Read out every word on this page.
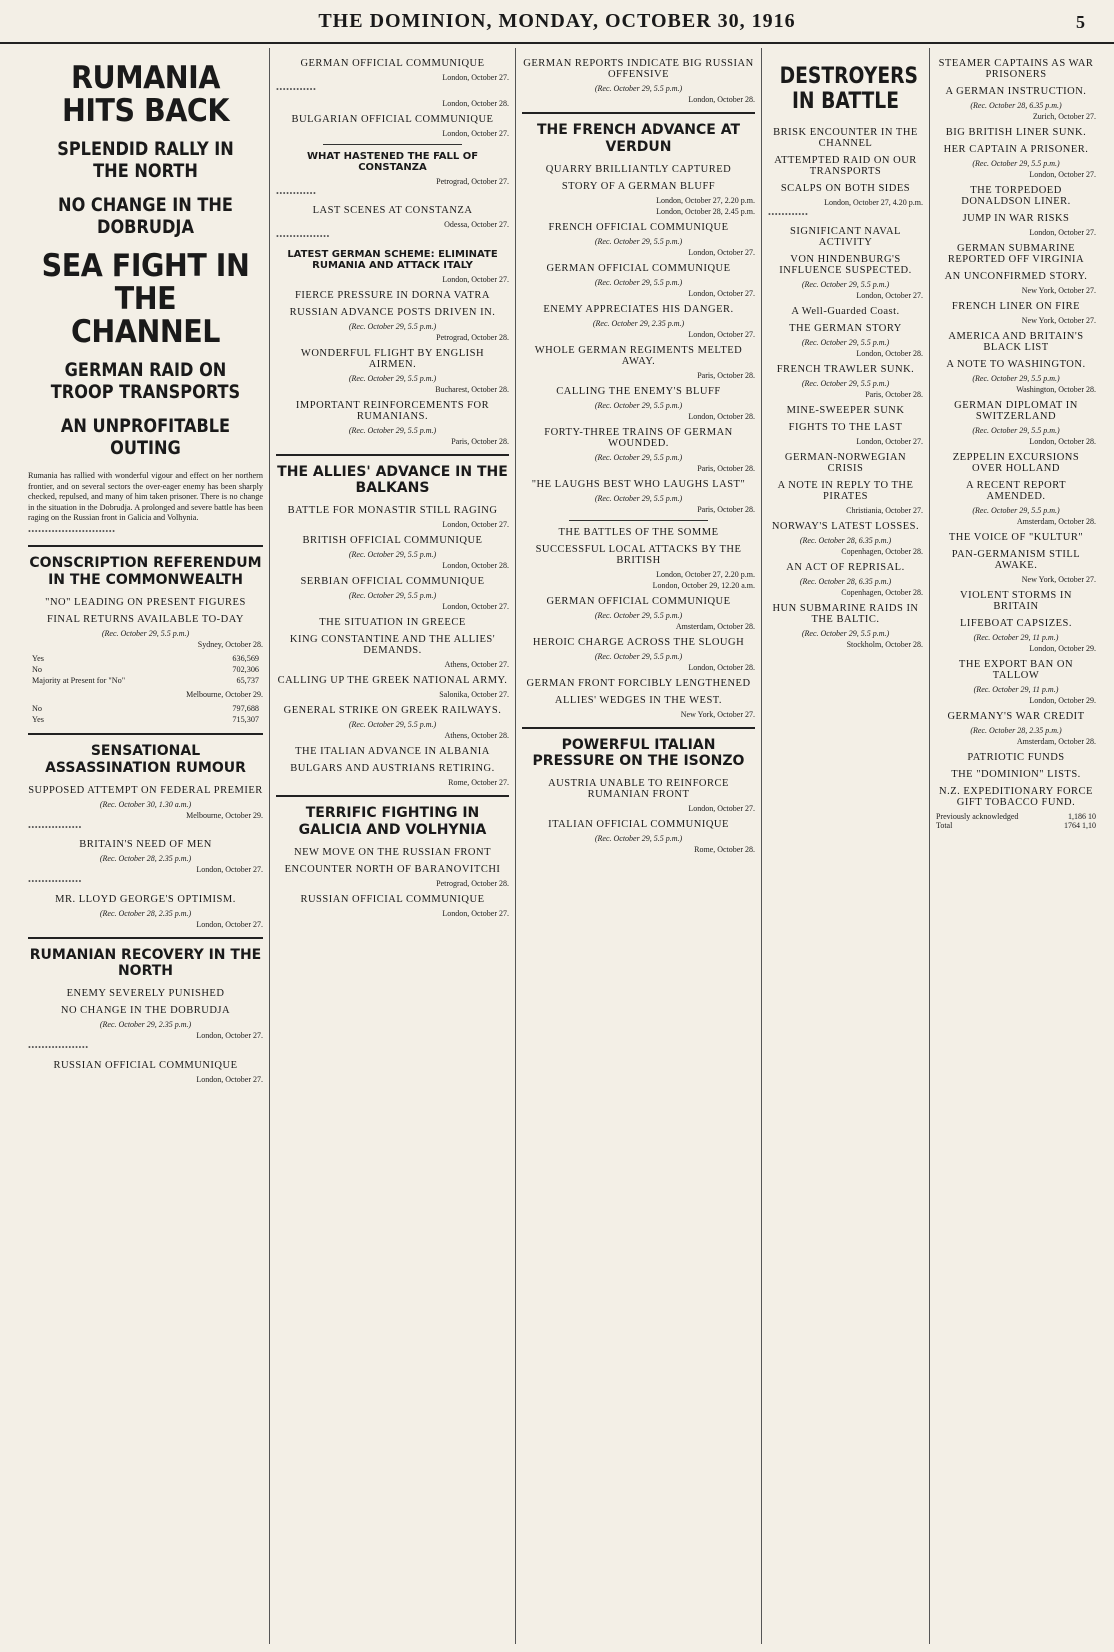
THE DOMINION, MONDAY, OCTOBER 30, 1916	5
RUMANIA HITS BACK
SPLENDID RALLY IN THE NORTH
NO CHANGE IN THE DOBRUDJA
SEA FIGHT IN THE CHANNEL
GERMAN RAID ON TROOP TRANSPORTS
AN UNPROFITABLE OUTING

Rumania has rallied with wonderful vigour and effect on her northern frontier, and on several sectors the over-eager enemy has been sharply checked, repulsed, and many of him taken prisoner. There is no change in the situation in the Dobrudja. A prolonged and severe battle has been raging on the Russian front in Galicia and Volhynia.

••••••••••••••••••••••••••
CONSCRIPTION REFERENDUM IN THE COMMONWEALTH
"NO" LEADING ON PRESENT FIGURES
FINAL RETURNS AVAILABLE TO-DAY
(Rec. October 29, 5.5 p.m.)
Sydney, October 28.
Yes	636,569
No	702,306
Majority at Present for "No"	65,737
Melbourne, October 29.
No	797,688
Yes	715,307
SENSATIONAL ASSASSINATION RUMOUR
SUPPOSED ATTEMPT ON FEDERAL PREMIER
(Rec. October 30, 1.30 a.m.)
Melbourne, October 29.
••••••••••••••••
BRITAIN'S NEED OF MEN
(Rec. October 28, 2.35 p.m.)
London, October 27.
••••••••••••••••
MR. LLOYD GEORGE'S OPTIMISM.
(Rec. October 28, 2.35 p.m.)
London, October 27.
RUMANIAN RECOVERY IN THE NORTH
ENEMY SEVERELY PUNISHED
NO CHANGE IN THE DOBRUDJA
(Rec. October 29, 2.35 p.m.)
London, October 27.
••••••••••••••••••
RUSSIAN OFFICIAL COMMUNIQUE
London, October 27.
GERMAN OFFICIAL COMMUNIQUE
London, October 27.
••••••••••••
London, October 28.
BULGARIAN OFFICIAL COMMUNIQUE
London, October 27.
WHAT HASTENED THE FALL OF CONSTANZA
Petrograd, October 27.
••••••••••••
LAST SCENES AT CONSTANZA
Odessa, October 27.
••••••••••••••••
LATEST GERMAN SCHEME: ELIMINATE RUMANIA AND ATTACK ITALY
London, October 27.
FIERCE PRESSURE IN DORNA VATRA
RUSSIAN ADVANCE POSTS DRIVEN IN.
(Rec. October 29, 5.5 p.m.)
Petrograd, October 28.
WONDERFUL FLIGHT BY ENGLISH AIRMEN.
(Rec. October 29, 5.5 p.m.)
Bucharest, October 28.
IMPORTANT REINFORCEMENTS FOR RUMANIANS.
(Rec. October 29, 5.5 p.m.)
Paris, October 28.
THE ALLIES' ADVANCE IN THE BALKANS
BATTLE FOR MONASTIR STILL RAGING
London, October 27.
BRITISH OFFICIAL COMMUNIQUE
(Rec. October 29, 5.5 p.m.)
London, October 28.
SERBIAN OFFICIAL COMMUNIQUE
(Rec. October 29, 5.5 p.m.)
London, October 27.
THE SITUATION IN GREECE
KING CONSTANTINE AND THE ALLIES' DEMANDS.
Athens, October 27.
CALLING UP THE GREEK NATIONAL ARMY.
Salonika, October 27.
GENERAL STRIKE ON GREEK RAILWAYS.
(Rec. October 29, 5.5 p.m.)
Athens, October 28.
THE ITALIAN ADVANCE IN ALBANIA
BULGARS AND AUSTRIANS RETIRING.
Rome, October 27.
TERRIFIC FIGHTING IN GALICIA AND VOLHYNIA
NEW MOVE ON THE RUSSIAN FRONT
ENCOUNTER NORTH OF BARANOVITCHI
Petrograd, October 28.
RUSSIAN OFFICIAL COMMUNIQUE
London, October 27.
GERMAN REPORTS INDICATE BIG RUSSIAN OFFENSIVE
(Rec. October 29, 5.5 p.m.)
London, October 28.
THE FRENCH ADVANCE AT VERDUN
QUARRY BRILLIANTLY CAPTURED
STORY OF A GERMAN BLUFF
London, October 27, 2.20 p.m.
London, October 28, 2.45 p.m.
FRENCH OFFICIAL COMMUNIQUE
(Rec. October 29, 5.5 p.m.)
London, October 27.
GERMAN OFFICIAL COMMUNIQUE
(Rec. October 29, 5.5 p.m.)
London, October 27.
ENEMY APPRECIATES HIS DANGER.
(Rec. October 29, 2.35 p.m.)
London, October 27.
WHOLE GERMAN REGIMENTS MELTED AWAY.
Paris, October 28.
CALLING THE ENEMY'S BLUFF
(Rec. October 29, 5.5 p.m.)
London, October 28.
FORTY-THREE TRAINS OF GERMAN WOUNDED.
(Rec. October 29, 5.5 p.m.)
Paris, October 28.
"HE LAUGHS BEST WHO LAUGHS LAST"
(Rec. October 29, 5.5 p.m.)
Paris, October 28.
THE BATTLES OF THE SOMME
SUCCESSFUL LOCAL ATTACKS BY THE BRITISH
London, October 27, 2.20 p.m.
London, October 29, 12.20 a.m.
GERMAN OFFICIAL COMMUNIQUE
(Rec. October 29, 5.5 p.m.)
Amsterdam, October 28.
HEROIC CHARGE ACROSS THE SLOUGH
(Rec. October 29, 5.5 p.m.)
London, October 28.
GERMAN FRONT FORCIBLY LENGTHENED
ALLIES' WEDGES IN THE WEST.
New York, October 27.
POWERFUL ITALIAN PRESSURE ON THE ISONZO
AUSTRIA UNABLE TO REINFORCE RUMANIAN FRONT
London, October 27.
ITALIAN OFFICIAL COMMUNIQUE
(Rec. October 29, 5.5 p.m.)
Rome, October 28.
DESTROYERS IN BATTLE
BRISK ENCOUNTER IN THE CHANNEL
ATTEMPTED RAID ON OUR TRANSPORTS
SCALPS ON BOTH SIDES
London, October 27, 4.20 p.m.
••••••••••••
SIGNIFICANT NAVAL ACTIVITY
VON HINDENBURG'S INFLUENCE SUSPECTED.
(Rec. October 29, 5.5 p.m.)
London, October 27.
A Well-Guarded Coast.
THE GERMAN STORY
(Rec. October 29, 5.5 p.m.)
London, October 28.
FRENCH TRAWLER SUNK.
(Rec. October 29, 5.5 p.m.)
Paris, October 28.
MINE-SWEEPER SUNK
FIGHTS TO THE LAST
London, October 27.
GERMAN-NORWEGIAN CRISIS
A NOTE IN REPLY TO THE PIRATES
Christiania, October 27.
NORWAY'S LATEST LOSSES.
(Rec. October 28, 6.35 p.m.)
Copenhagen, October 28.
AN ACT OF REPRISAL.
(Rec. October 28, 6.35 p.m.)
Copenhagen, October 28.
HUN SUBMARINE RAIDS IN THE BALTIC.
(Rec. October 29, 5.5 p.m.)
Stockholm, October 28.
STEAMER CAPTAINS AS WAR PRISONERS
A GERMAN INSTRUCTION.
(Rec. October 28, 6.35 p.m.)
Zurich, October 27.
BIG BRITISH LINER SUNK.
HER CAPTAIN A PRISONER.
(Rec. October 29, 5.5 p.m.)
London, October 27.
THE TORPEDOED DONALDSON LINER.
JUMP IN WAR RISKS
London, October 27.
GERMAN SUBMARINE REPORTED OFF VIRGINIA
AN UNCONFIRMED STORY.
New York, October 27.
FRENCH LINER ON FIRE
New York, October 27.
AMERICA AND BRITAIN'S BLACK LIST
A NOTE TO WASHINGTON.
(Rec. October 29, 5.5 p.m.)
Washington, October 28.
GERMAN DIPLOMAT IN SWITZERLAND
(Rec. October 29, 5.5 p.m.)
London, October 28.
ZEPPELIN EXCURSIONS OVER HOLLAND
A RECENT REPORT AMENDED.
(Rec. October 29, 5.5 p.m.)
Amsterdam, October 28.
THE VOICE OF "KULTUR"
PAN-GERMANISM STILL AWAKE.
New York, October 27.
VIOLENT STORMS IN BRITAIN
LIFEBOAT CAPSIZES.
(Rec. October 29, 11 p.m.)
London, October 29.
THE EXPORT BAN ON TALLOW
(Rec. October 29, 11 p.m.)
London, October 29.
GERMANY'S WAR CREDIT
(Rec. October 28, 2.35 p.m.)
Amsterdam, October 28.
PATRIOTIC FUNDS
THE "DOMINION" LISTS.
N.Z. EXPEDITIONARY FORCE GIFT TOBACCO FUND.
Previously acknowledged	1,186 10
Total	1764 1,10
